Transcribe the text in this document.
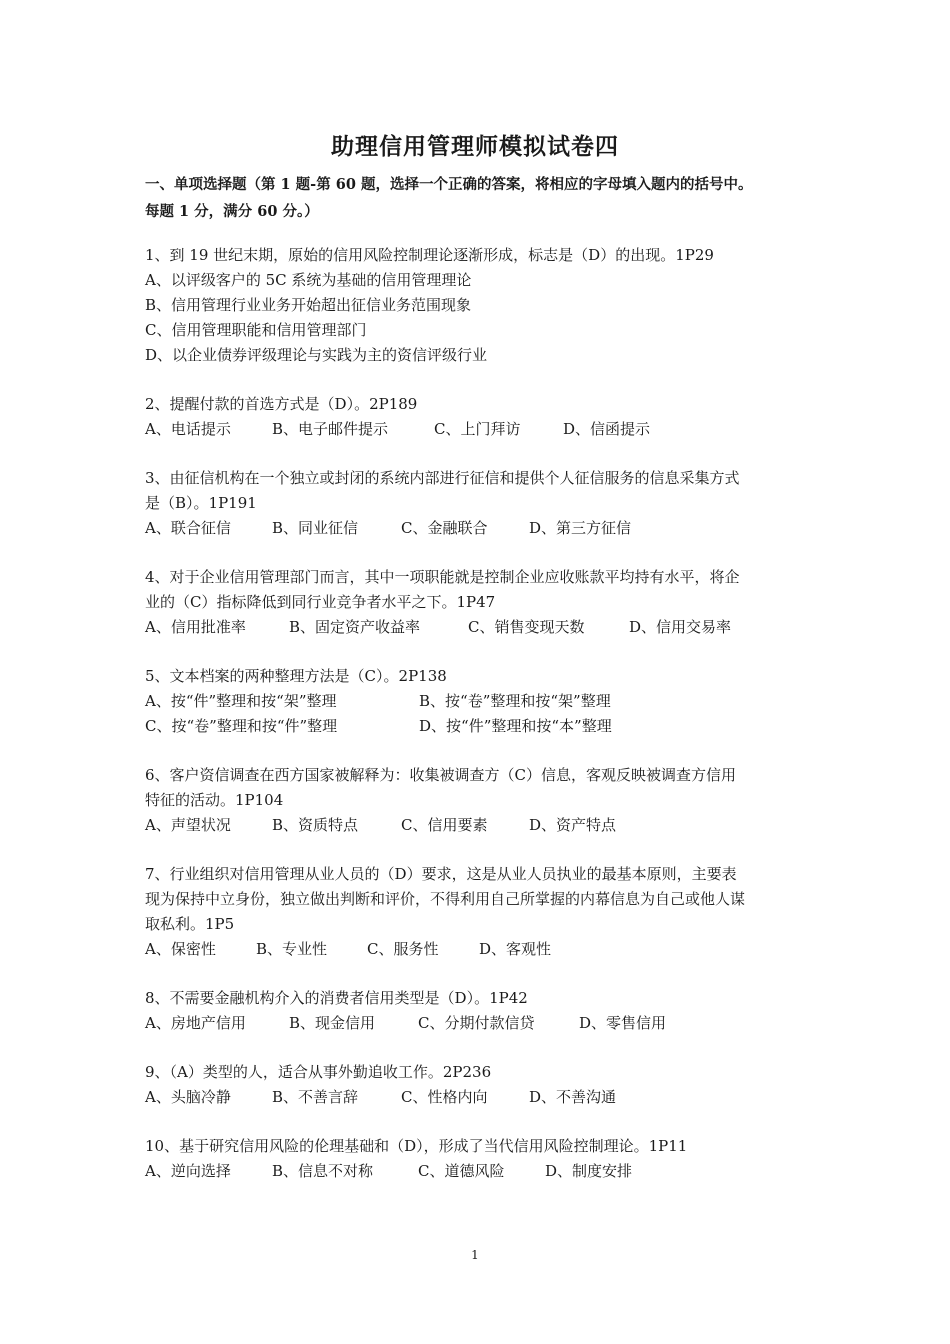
助理信用管理师模拟试卷四
一、单项选择题（第 1 题-第 60 题，选择一个正确的答案，将相应的字母填入题内的括号中。
每题 1 分，满分 60 分。）
1、到 19 世纪末期，原始的信用风险控制理论逐渐形成，标志是（D）的出现。1P29
A、以评级客户的 5C 系统为基础的信用管理理论
B、信用管理行业业务开始超出征信业务范围现象
C、信用管理职能和信用管理部门
D、以企业债券评级理论与实践为主的资信评级行业
2、提醒付款的首选方式是（D）。2P189
A、电话提示	B、电子邮件提示	C、上门拜访	D、信函提示
3、由征信机构在一个独立或封闭的系统内部进行征信和提供个人征信服务的信息采集方式
是（B）。1P191
A、联合征信	B、同业征信	C、金融联合	D、第三方征信
4、对于企业信用管理部门而言，其中一项职能就是控制企业应收账款平均持有水平，将企
业的（C）指标降低到同行业竞争者水平之下。1P47
A、信用批准率	B、固定资产收益率	C、销售变现天数	D、信用交易率
5、文本档案的两种整理方法是（C）。2P138
A、按“件”整理和按“架”整理	B、按“卷”整理和按“架”整理
C、按“卷”整理和按“件”整理	D、按“件”整理和按“本”整理
6、客户资信调查在西方国家被解释为：收集被调查方（C）信息，客观反映被调查方信用
特征的活动。1P104
A、声望状况	B、资质特点	C、信用要素	D、资产特点
7、行业组织对信用管理从业人员的（D）要求，这是从业人员执业的最基本原则，主要表
现为保持中立身份，独立做出判断和评价，不得利用自己所掌握的内幕信息为自己或他人谋
取私利。1P5
A、保密性	B、专业性	C、服务性	D、客观性
8、不需要金融机构介入的消费者信用类型是（D）。1P42
A、房地产信用	B、现金信用	C、分期付款信贷	D、零售信用
9、（A）类型的人，适合从事外勤追收工作。2P236
A、头脑冷静	B、不善言辞	C、性格内向	D、不善沟通
10、基于研究信用风险的伦理基础和（D），形成了当代信用风险控制理论。1P11
A、逆向选择	B、信息不对称	C、道德风险	D、制度安排
1
